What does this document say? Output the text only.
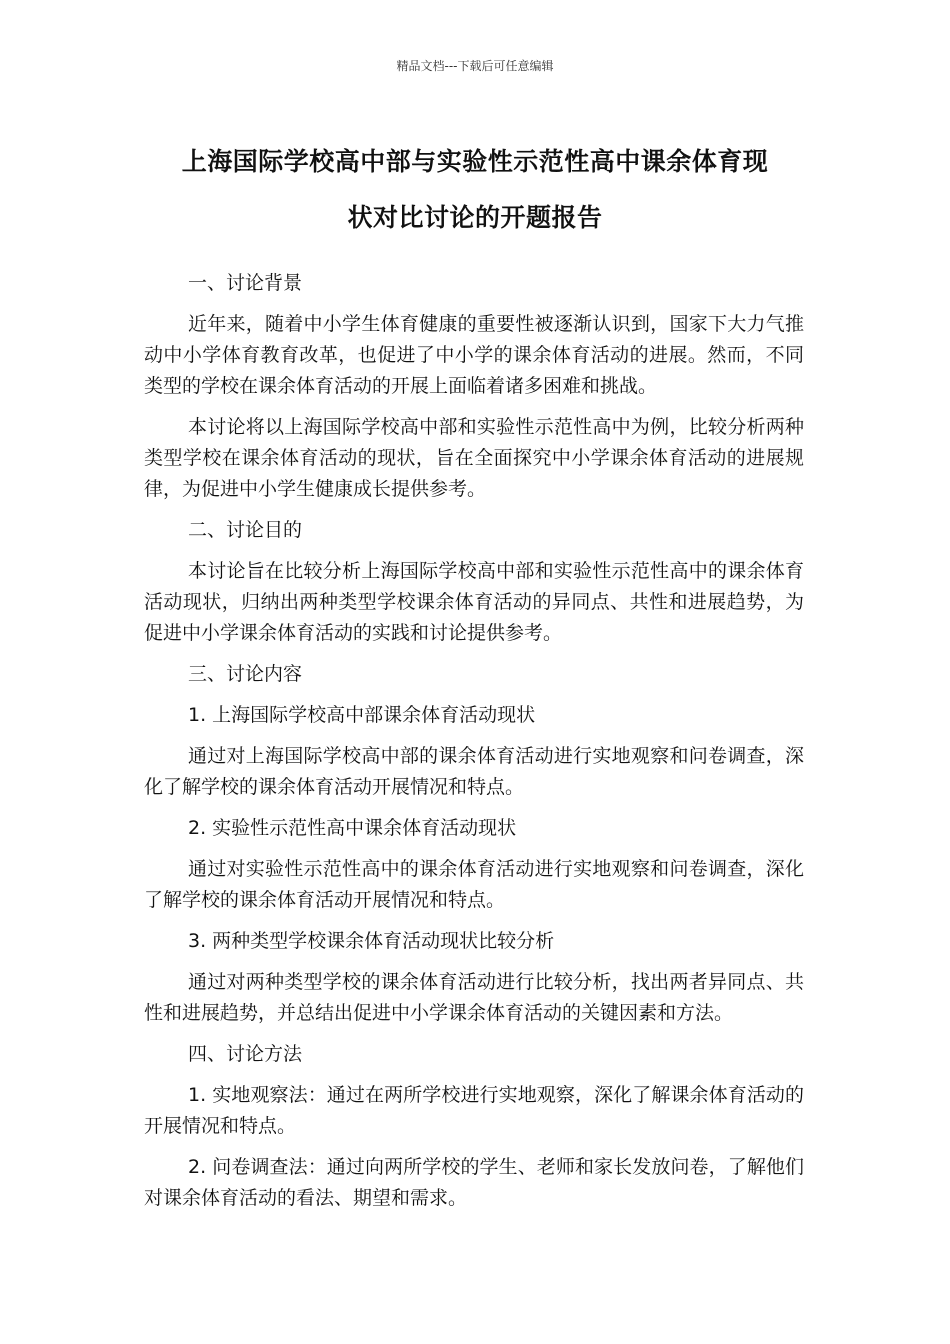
精品文档---下载后可任意编辑
上海国际学校高中部与实验性示范性高中课余体育现
状对比讨论的开题报告

一、讨论背景

近年来，随着中小学生体育健康的重要性被逐渐认识到，国家下大力气推动中小学体育教育改革，也促进了中小学的课余体育活动的进展。然而，不同类型的学校在课余体育活动的开展上面临着诸多困难和挑战。

本讨论将以上海国际学校高中部和实验性示范性高中为例，比较分析两种类型学校在课余体育活动的现状，旨在全面探究中小学课余体育活动的进展规律，为促进中小学生健康成长提供参考。

二、讨论目的

本讨论旨在比较分析上海国际学校高中部和实验性示范性高中的课余体育活动现状，归纳出两种类型学校课余体育活动的异同点、共性和进展趋势，为促进中小学课余体育活动的实践和讨论提供参考。

三、讨论内容

1. 上海国际学校高中部课余体育活动现状

通过对上海国际学校高中部的课余体育活动进行实地观察和问卷调查，深化了解学校的课余体育活动开展情况和特点。

2. 实验性示范性高中课余体育活动现状

通过对实验性示范性高中的课余体育活动进行实地观察和问卷调查，深化了解学校的课余体育活动开展情况和特点。

3. 两种类型学校课余体育活动现状比较分析

通过对两种类型学校的课余体育活动进行比较分析，找出两者异同点、共性和进展趋势，并总结出促进中小学课余体育活动的关键因素和方法。

四、讨论方法

1. 实地观察法：通过在两所学校进行实地观察，深化了解课余体育活动的开展情况和特点。

2. 问卷调查法：通过向两所学校的学生、老师和家长发放问卷，了解他们对课余体育活动的看法、期望和需求。
